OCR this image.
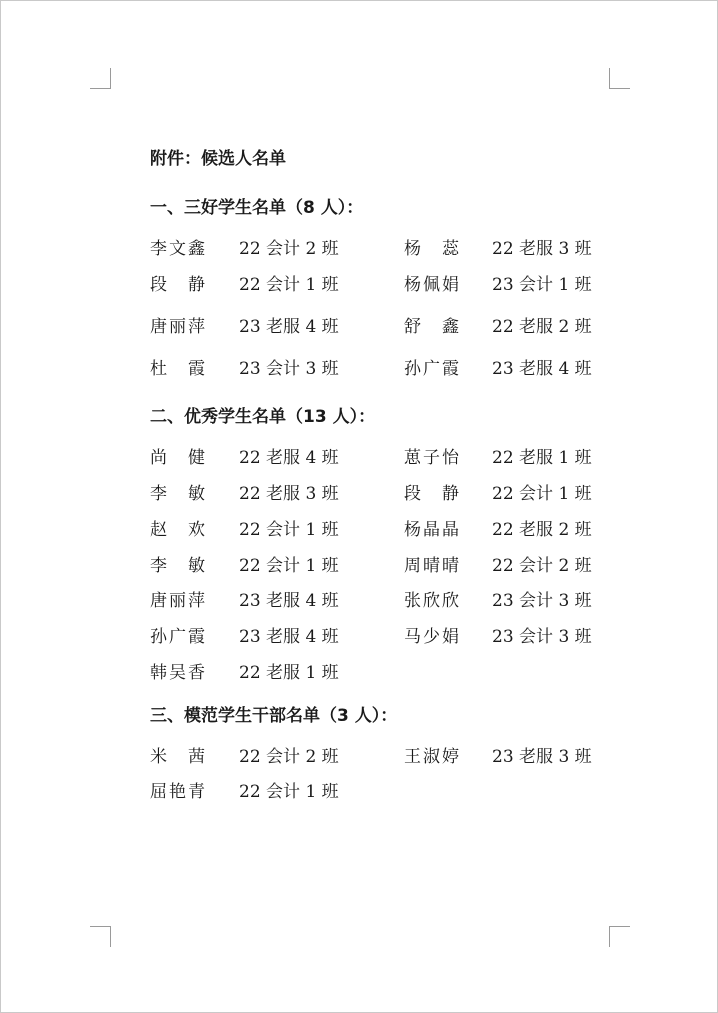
附件：候选人名单
一、三好学生名单（8 人）：
李文鑫 22 会计 2 班	杨　蕊 22 老服 3 班
段　静 22 会计 1 班	杨佩娟 23 会计 1 班
唐丽萍 23 老服 4 班	舒　鑫 22 老服 2 班
杜　霞 23 会计 3 班	孙广霞 23 老服 4 班
二、优秀学生名单（13 人）：
尚　健 22 老服 4 班	葸子怡 22 老服 1 班
李　敏 22 老服 3 班	段　静 22 会计 1 班
赵　欢 22 会计 1 班	杨晶晶 22 老服 2 班
李　敏 22 会计 1 班	周晴晴 22 会计 2 班
唐丽萍 23 老服 4 班	张欣欣 23 会计 3 班
孙广霞 23 老服 4 班	马少娟 23 会计 3 班
韩吴香 22 老服 1 班
三、模范学生干部名单（3 人）：
米　茜 22 会计 2 班	王淑婷 23 老服 3 班
屈艳青 22 会计 1 班
